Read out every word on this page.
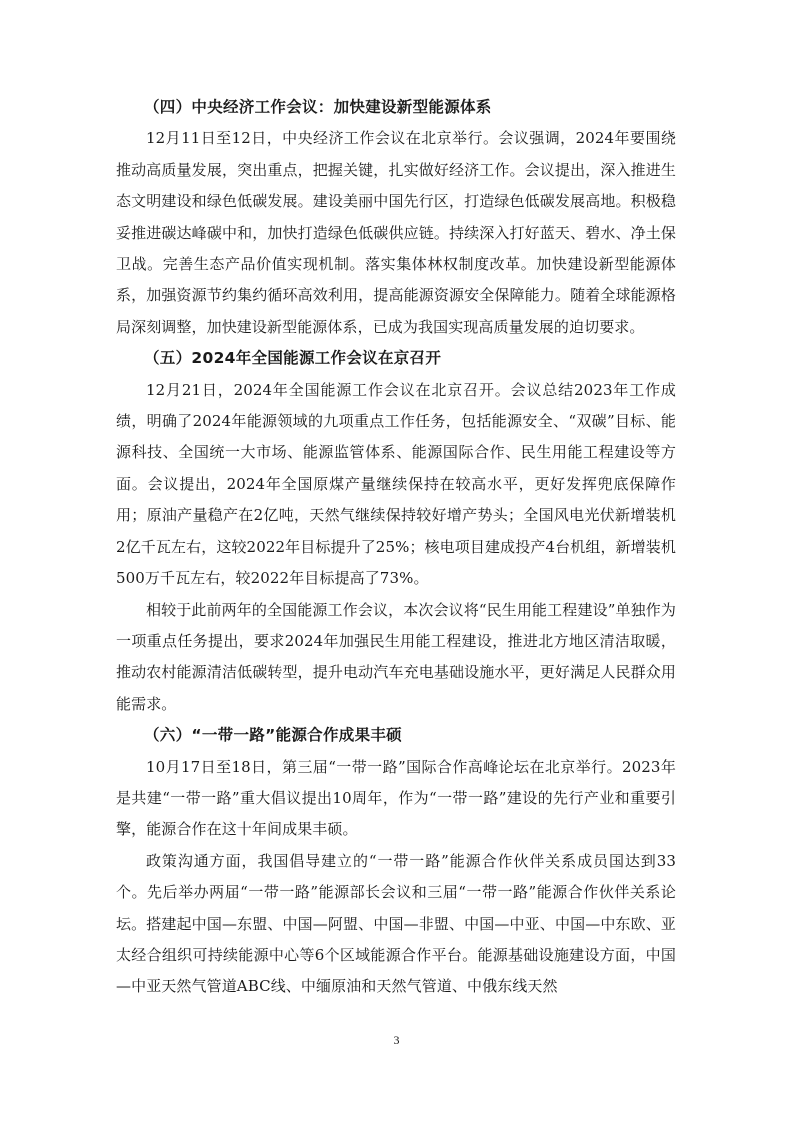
（四）中央经济工作会议：加快建设新型能源体系

12月11日至12日，中央经济工作会议在北京举行。会议强调，2024年要围绕推动高质量发展，突出重点，把握关键，扎实做好经济工作。会议提出，深入推进生态文明建设和绿色低碳发展。建设美丽中国先行区，打造绿色低碳发展高地。积极稳妥推进碳达峰碳中和，加快打造绿色低碳供应链。持续深入打好蓝天、碧水、净土保卫战。完善生态产品价值实现机制。落实集体林权制度改革。加快建设新型能源体系，加强资源节约集约循环高效利用，提高能源资源安全保障能力。随着全球能源格局深刻调整，加快建设新型能源体系，已成为我国实现高质量发展的迫切要求。

（五）2024年全国能源工作会议在京召开

12月21日，2024年全国能源工作会议在北京召开。会议总结2023年工作成绩，明确了2024年能源领域的九项重点工作任务，包括能源安全、“双碳”目标、能源科技、全国统一大市场、能源监管体系、能源国际合作、民生用能工程建设等方面。会议提出，2024年全国原煤产量继续保持在较高水平，更好发挥兜底保障作用；原油产量稳产在2亿吨，天然气继续保持较好增产势头；全国风电光伏新增装机2亿千瓦左右，这较2022年目标提升了25%；核电项目建成投产4台机组，新增装机500万千瓦左右，较2022年目标提高了73%。

相较于此前两年的全国能源工作会议，本次会议将“民生用能工程建设”单独作为一项重点任务提出，要求2024年加强民生用能工程建设，推进北方地区清洁取暖，推动农村能源清洁低碳转型，提升电动汽车充电基础设施水平，更好满足人民群众用能需求。

（六）“一带一路”能源合作成果丰硕

10月17日至18日，第三届“一带一路”国际合作高峰论坛在北京举行。2023年是共建“一带一路”重大倡议提出10周年，作为“一带一路”建设的先行产业和重要引擎，能源合作在这十年间成果丰硕。

政策沟通方面，我国倡导建立的“一带一路”能源合作伙伴关系成员国达到33个。先后举办两届“一带一路”能源部长会议和三届“一带一路”能源合作伙伴关系论坛。搭建起中国—东盟、中国—阿盟、中国—非盟、中国—中亚、中国—中东欧、亚太经合组织可持续能源中心等6个区域能源合作平台。能源基础设施建设方面，中国—中亚天然气管道ABC线、中缅原油和天然气管道、中俄东线天然

3
